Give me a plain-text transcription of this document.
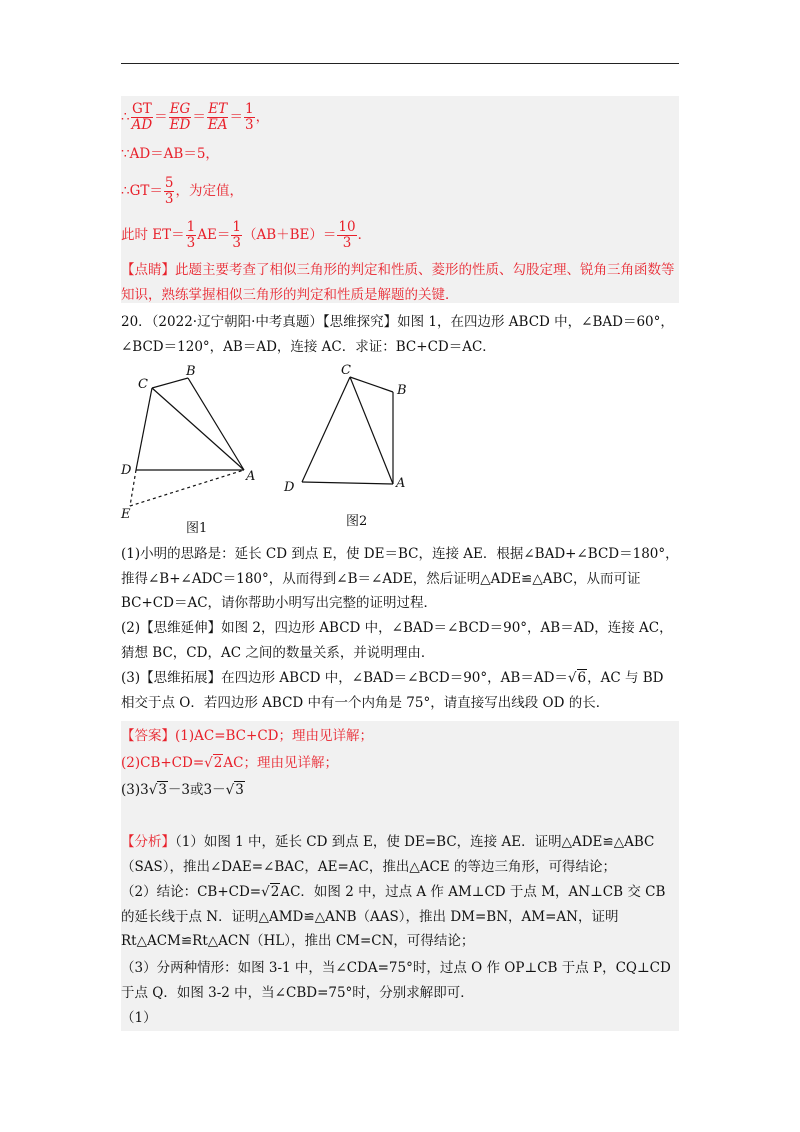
∴ $\frac{GT}{AD} = \frac{EG}{ED} = \frac{ET}{EA} = \frac{1}{3}$ ，
∵AD＝AB＝5，
∴GT＝ $\frac{5}{3}$ ，为定值，
此时 $ET= \frac{1}{3} AE= \frac{1}{3} (AB+BE)= \frac{10}{3}$ ．
【点睛】此题主要考查了相似三角形的判定和性质、菱形的性质、勾股定理、锐角三角函数等知识，熟练掌握相似三角形的判定和性质是解题的关键．
20．（2022·辽宁朝阳·中考真题）【思维探究】如图 1，在四边形 ABCD 中，∠BAD＝60°，∠BCD＝120°，AB＝AD，连接 AC．求证：BC+CD＝AC．
C
B
D	A
E
图1
C
B
D	A
图2
(1)小明的思路是：延长 CD 到点 E，使 DE＝BC，连接 AE．根据∠BAD+∠BCD＝180°，推得∠B+∠ADC＝180°，从而得到∠B＝∠ADE，然后证明△ADE≌△ABC，从而可证 BC+CD＝AC，请你帮助小明写出完整的证明过程．
(2)【思维延伸】如图 2，四边形 ABCD 中，∠BAD＝∠BCD＝90°，AB＝AD，连接 AC，猜想 BC，CD，AC 之间的数量关系，并说明理由．
(3)【思维拓展】在四边形 ABCD 中，∠BAD＝∠BCD＝90°，AB＝AD＝√6，AC 与 BD 相交于点 O．若四边形 ABCD 中有一个内角是 75°，请直接写出线段 OD 的长．
【答案】(1)AC=BC+CD；理由见详解；
(2)CB+CD=√2AC；理由见详解；
(3)3√3－3或3－√3
【分析】（1）如图 1 中，延长 CD 到点 E，使 DE=BC，连接 AE．证明△ADE≌△ABC（SAS），推出∠DAE=∠BAC，AE=AC，推出△ACE 的等边三角形，可得结论；
（2）结论：CB+CD=√2AC．如图 2 中，过点 A 作 AM⊥CD 于点 M，AN⊥CB 交 CB 的延长线于点 N．证明△AMD≌△ANB（AAS），推出 DM=BN，AM=AN，证明 Rt△ACM≌Rt△ACN（HL），推出 CM=CN，可得结论；
（3）分两种情形：如图 3-1 中，当∠CDA=75°时，过点 O 作 OP⊥CB 于点 P，CQ⊥CD 于点 Q．如图 3-2 中，当∠CBD=75°时，分别求解即可．
（1）
